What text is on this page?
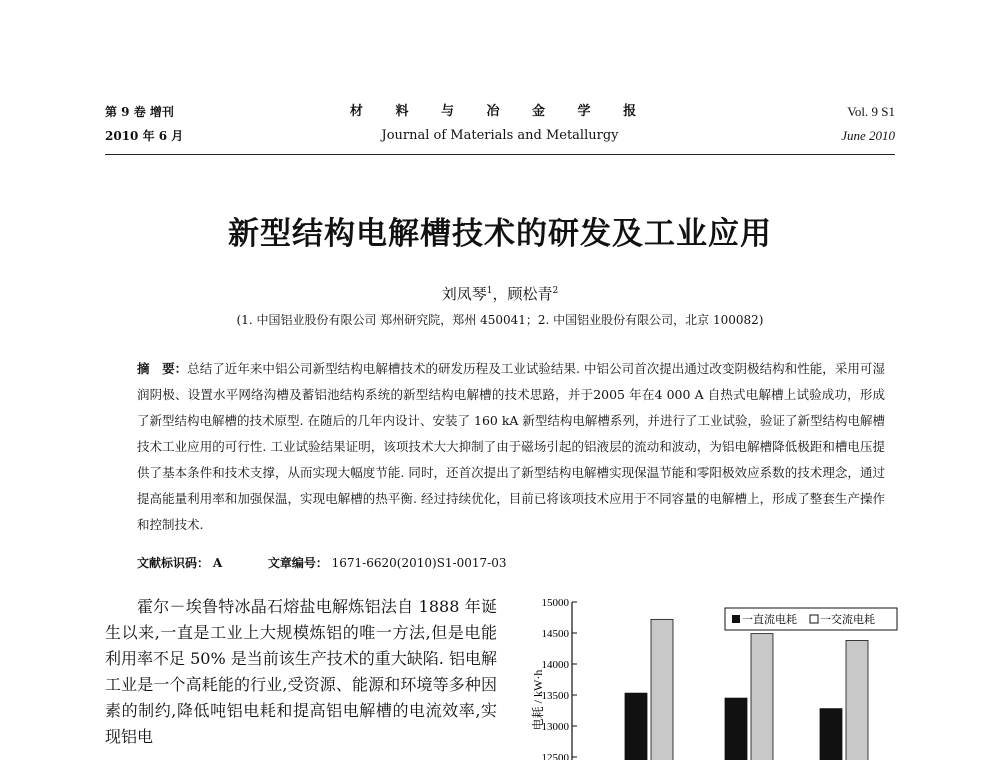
第 9 卷 增刊
2010 年 6 月
材 料 与 冶 金 学 报
Journal of Materials and Metallurgy
Vol. 9 S1
June 2010
新型结构电解槽技术的研发及工业应用
刘凤琴$^1$，顾松青$^2$
(1. 中国铝业股份有限公司 郑州研究院，郑州 450041；2. 中国铝业股份有限公司，北京 100082)
摘　要：总结了近年来中铝公司新型结构电解槽技术的研发历程及工业试验结果. 中铝公司首次提出通过改变阴极结构和性能，采用可湿润阴极、设置水平网络沟槽及蓄铝池结构系统的新型结构电解槽的技术思路，并于2005 年在4 000 A 自热式电解槽上试验成功，形成了新型结构电解槽的技术原型. 在随后的几年内设计、安装了 160 kA 新型结构电解槽系列，并进行了工业试验，验证了新型结构电解槽技术工业应用的可行性. 工业试验结果证明，该项技术大大抑制了由于磁场引起的铝液层的流动和波动，为铝电解槽降低极距和槽电压提供了基本条件和技术支撑，从而实现大幅度节能. 同时，还首次提出了新型结构电解槽实现保温节能和零阳极效应系数的技术理念，通过提高能量利用率和加强保温，实现电解槽的热平衡. 经过持续优化，目前已将该项技术应用于不同容量的电解槽上，形成了整套生产操作和控制技术.
文献标识码： A	文章编号： 1671-6620(2010)S1-0017-03
霍尔－埃鲁特冰晶石熔盐电解炼铝法自 1888 年诞生以来,一直是工业上大规模炼铝的唯一方法,但是电能利用率不足 50% 是当前该生产技术的重大缺陷. 铝电解工业是一个高耗能的行业,受资源、能源和环境等多种因素的制约,降低吨铝电耗和提高铝电解槽的电流效率,实现铝电
电耗 / kW·h
12500
13000
13500
14000
14500
15000
一直流电耗 一交流电耗
